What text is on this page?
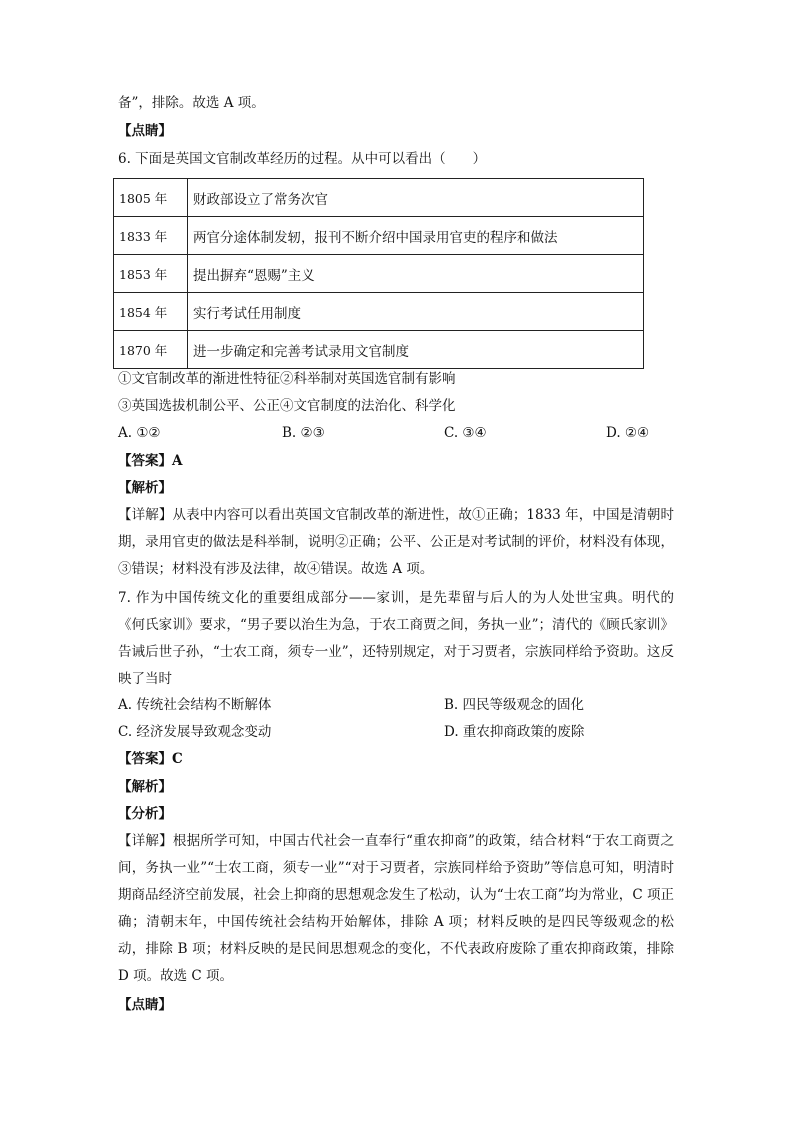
备”，排除。故选 A 项。
【点睛】
6. 下面是英国文官制改革经历的过程。从中可以看出（　　）
1805 年	财政部设立了常务次官
1833 年	两官分途体制发轫，报刊不断介绍中国录用官吏的程序和做法
1853 年	提出摒弃“恩赐”主义
1854 年	实行考试任用制度
1870 年	进一步确定和完善考试录用文官制度
①文官制改革的渐进性特征②科举制对英国选官制有影响
③英国选拔机制公平、公正④文官制度的法治化、科学化
A. ①②	B. ②③	C. ③④	D. ②④
【答案】A
【解析】
【详解】从表中内容可以看出英国文官制改革的渐进性，故①正确；1833 年，中国是清朝时期，录用官吏的做法是科举制，说明②正确；公平、公正是对考试制的评价，材料没有体现，③错误；材料没有涉及法律，故④错误。故选 A 项。
7. 作为中国传统文化的重要组成部分——家训，是先辈留与后人的为人处世宝典。明代的《何氏家训》要求，“男子要以治生为急，于农工商贾之间，务执一业”；清代的《顾氏家训》告诫后世子孙，“士农工商，须专一业”，还特别规定，对于习贾者，宗族同样给予资助。这反映了当时
A. 传统社会结构不断解体	B. 四民等级观念的固化
C. 经济发展导致观念变动	D. 重农抑商政策的废除
【答案】C
【解析】
【分析】
【详解】根据所学可知，中国古代社会一直奉行“重农抑商”的政策，结合材料“于农工商贾之间，务执一业”“士农工商，须专一业”“对于习贾者，宗族同样给予资助”等信息可知，明清时期商品经济空前发展，社会上抑商的思想观念发生了松动，认为“士农工商”均为常业，C 项正确；清朝末年，中国传统社会结构开始解体，排除 A 项；材料反映的是四民等级观念的松动，排除 B 项；材料反映的是民间思想观念的变化，不代表政府废除了重农抑商政策，排除 D 项。故选 C 项。
【点睛】
